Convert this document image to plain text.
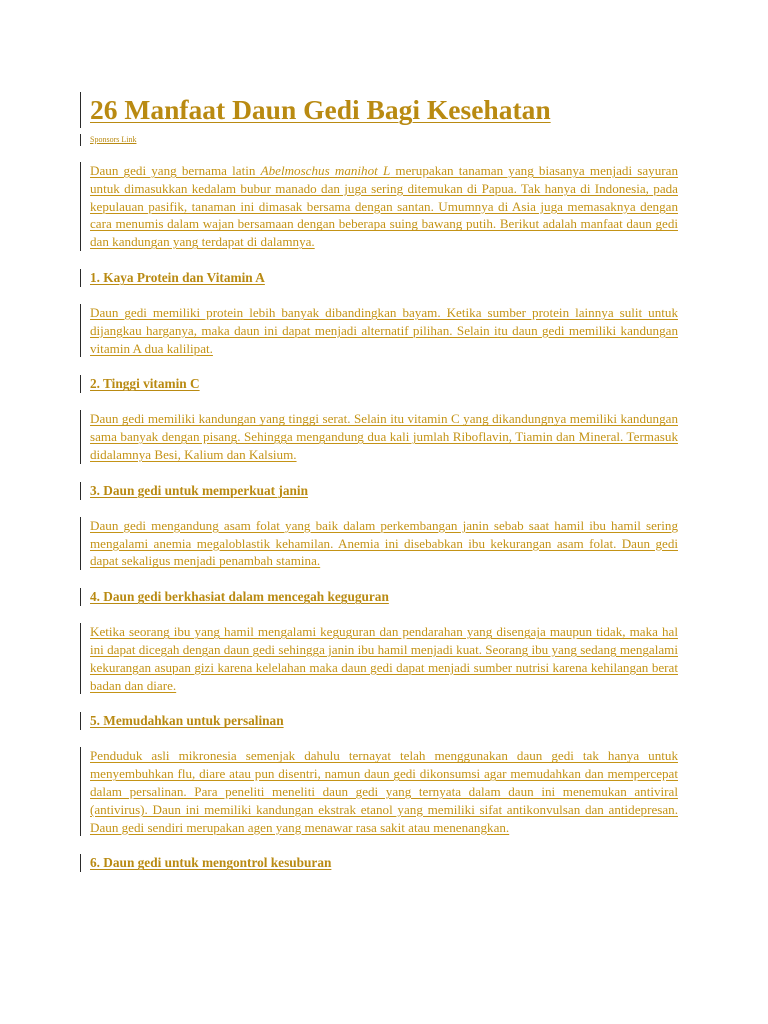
26 Manfaat Daun Gedi Bagi Kesehatan
Sponsors Link
Daun gedi yang bernama latin Abelmoschus manihot L merupakan tanaman yang biasanya menjadi sayuran untuk dimasukkan kedalam bubur manado dan juga sering ditemukan di Papua. Tak hanya di Indonesia, pada kepulauan pasifik, tanaman ini dimasak bersama dengan santan. Umumnya di Asia juga memasaknya dengan cara menumis dalam wajan bersamaan dengan beberapa suing bawang putih. Berikut adalah manfaat daun gedi dan kandungan yang terdapat di dalamnya.
1. Kaya Protein dan Vitamin A
Daun gedi memiliki protein lebih banyak dibandingkan bayam. Ketika sumber protein lainnya sulit untuk dijangkau harganya, maka daun ini dapat menjadi alternatif pilihan. Selain itu daun gedi memiliki kandungan vitamin A dua kalilipat.
2. Tinggi vitamin C
Daun gedi memiliki kandungan yang tinggi serat. Selain itu vitamin C yang dikandungnya memiliki kandungan sama banyak dengan pisang. Sehingga mengandung dua kali jumlah Riboflavin, Tiamin dan Mineral. Termasuk didalamnya Besi, Kalium dan Kalsium.
3. Daun gedi untuk memperkuat janin
Daun gedi mengandung asam folat yang baik dalam perkembangan janin sebab saat hamil ibu hamil sering mengalami anemia megaloblastik kehamilan. Anemia ini disebabkan ibu kekurangan asam folat. Daun gedi dapat sekaligus menjadi penambah stamina.
4. Daun gedi berkhasiat dalam mencegah keguguran
Ketika seorang ibu yang hamil mengalami keguguran dan pendarahan yang disengaja maupun tidak, maka hal ini dapat dicegah dengan daun gedi sehingga janin ibu hamil menjadi kuat. Seorang ibu yang sedang mengalami kekurangan asupan gizi karena kelelahan maka daun gedi dapat menjadi sumber nutrisi karena kehilangan berat badan dan diare.
5. Memudahkan untuk persalinan
Penduduk asli mikronesia semenjak dahulu ternayat telah menggunakan daun gedi tak hanya untuk menyembuhkan flu, diare atau pun disentri, namun daun gedi dikonsumsi agar memudahkan dan mempercepat dalam persalinan. Para peneliti meneliti daun gedi yang ternyata dalam daun ini menemukan antiviral (antivirus). Daun ini memiliki kandungan ekstrak etanol yang memiliki sifat antikonvulsan dan antidepresan. Daun gedi sendiri merupakan agen yang menawar rasa sakit atau menenangkan.
6. Daun gedi untuk mengontrol kesuburan
